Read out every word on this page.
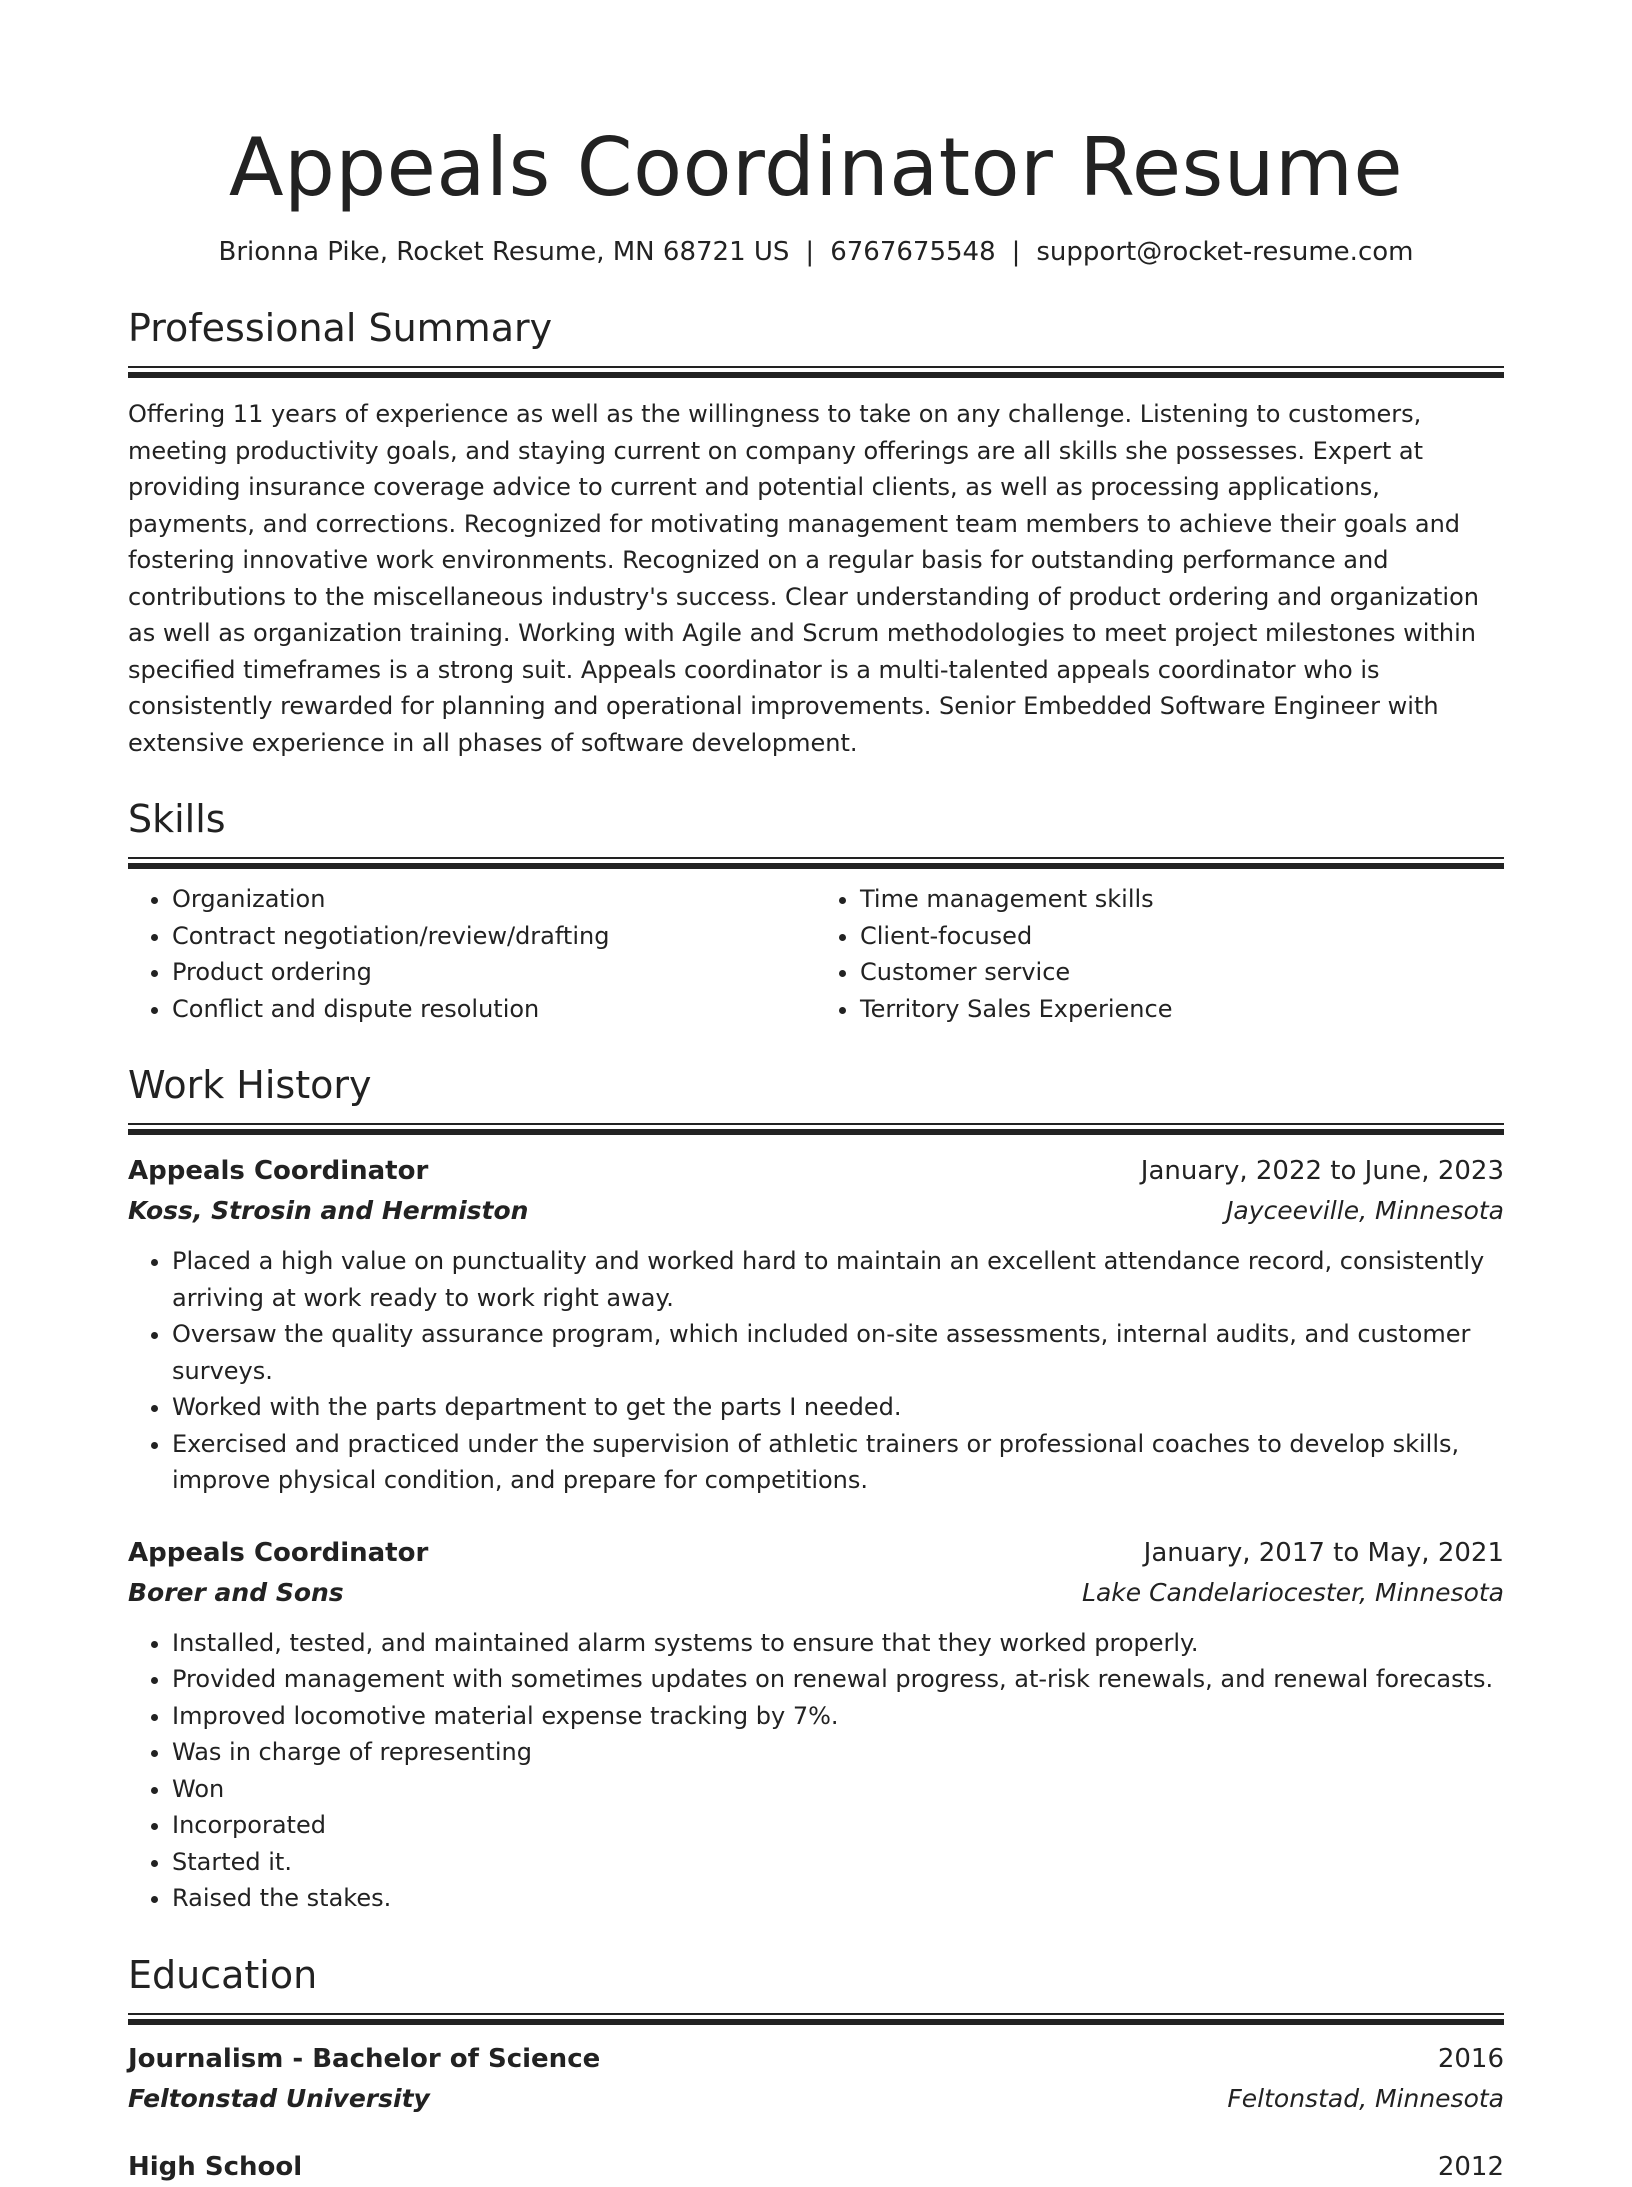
Appeals Coordinator Resume
Brionna Pike, Rocket Resume, MN 68721 US | 6767675548 | support@rocket-resume.com
Professional Summary

Offering 11 years of experience as well as the willingness to take on any challenge. Listening to customers, meeting productivity goals, and staying current on company offerings are all skills she possesses. Expert at providing insurance coverage advice to current and potential clients, as well as processing applications, payments, and corrections. Recognized for motivating management team members to achieve their goals and fostering innovative work environments. Recognized on a regular basis for outstanding performance and contributions to the miscellaneous industry's success. Clear understanding of product ordering and organization as well as organization training. Working with Agile and Scrum methodologies to meet project milestones within specified timeframes is a strong suit. Appeals coordinator is a multi-talented appeals coordinator who is consistently rewarded for planning and operational improvements. Senior Embedded Software Engineer with extensive experience in all phases of software development.

Skills
• Organization
• Contract negotiation/review/drafting
• Product ordering
• Conflict and dispute resolution
• Time management skills
• Client-focused
• Customer service
• Territory Sales Experience
Work History
Appeals Coordinator	January, 2022 to June, 2023
Koss, Strosin and Hermiston	Jayceeville, Minnesota
• Placed a high value on punctuality and worked hard to maintain an excellent attendance record, consistently arriving at work ready to work right away.
• Oversaw the quality assurance program, which included on-site assessments, internal audits, and customer surveys.
• Worked with the parts department to get the parts I needed.
• Exercised and practiced under the supervision of athletic trainers or professional coaches to develop skills, improve physical condition, and prepare for competitions.
Appeals Coordinator	January, 2017 to May, 2021
Borer and Sons	Lake Candelariocester, Minnesota
• Installed, tested, and maintained alarm systems to ensure that they worked properly.
• Provided management with sometimes updates on renewal progress, at-risk renewals, and renewal forecasts.
• Improved locomotive material expense tracking by 7%.
• Was in charge of representing
• Won
• Incorporated
• Started it.
• Raised the stakes.
Education
Journalism - Bachelor of Science	2016
Feltonstad University	Feltonstad, Minnesota
High School	2012
